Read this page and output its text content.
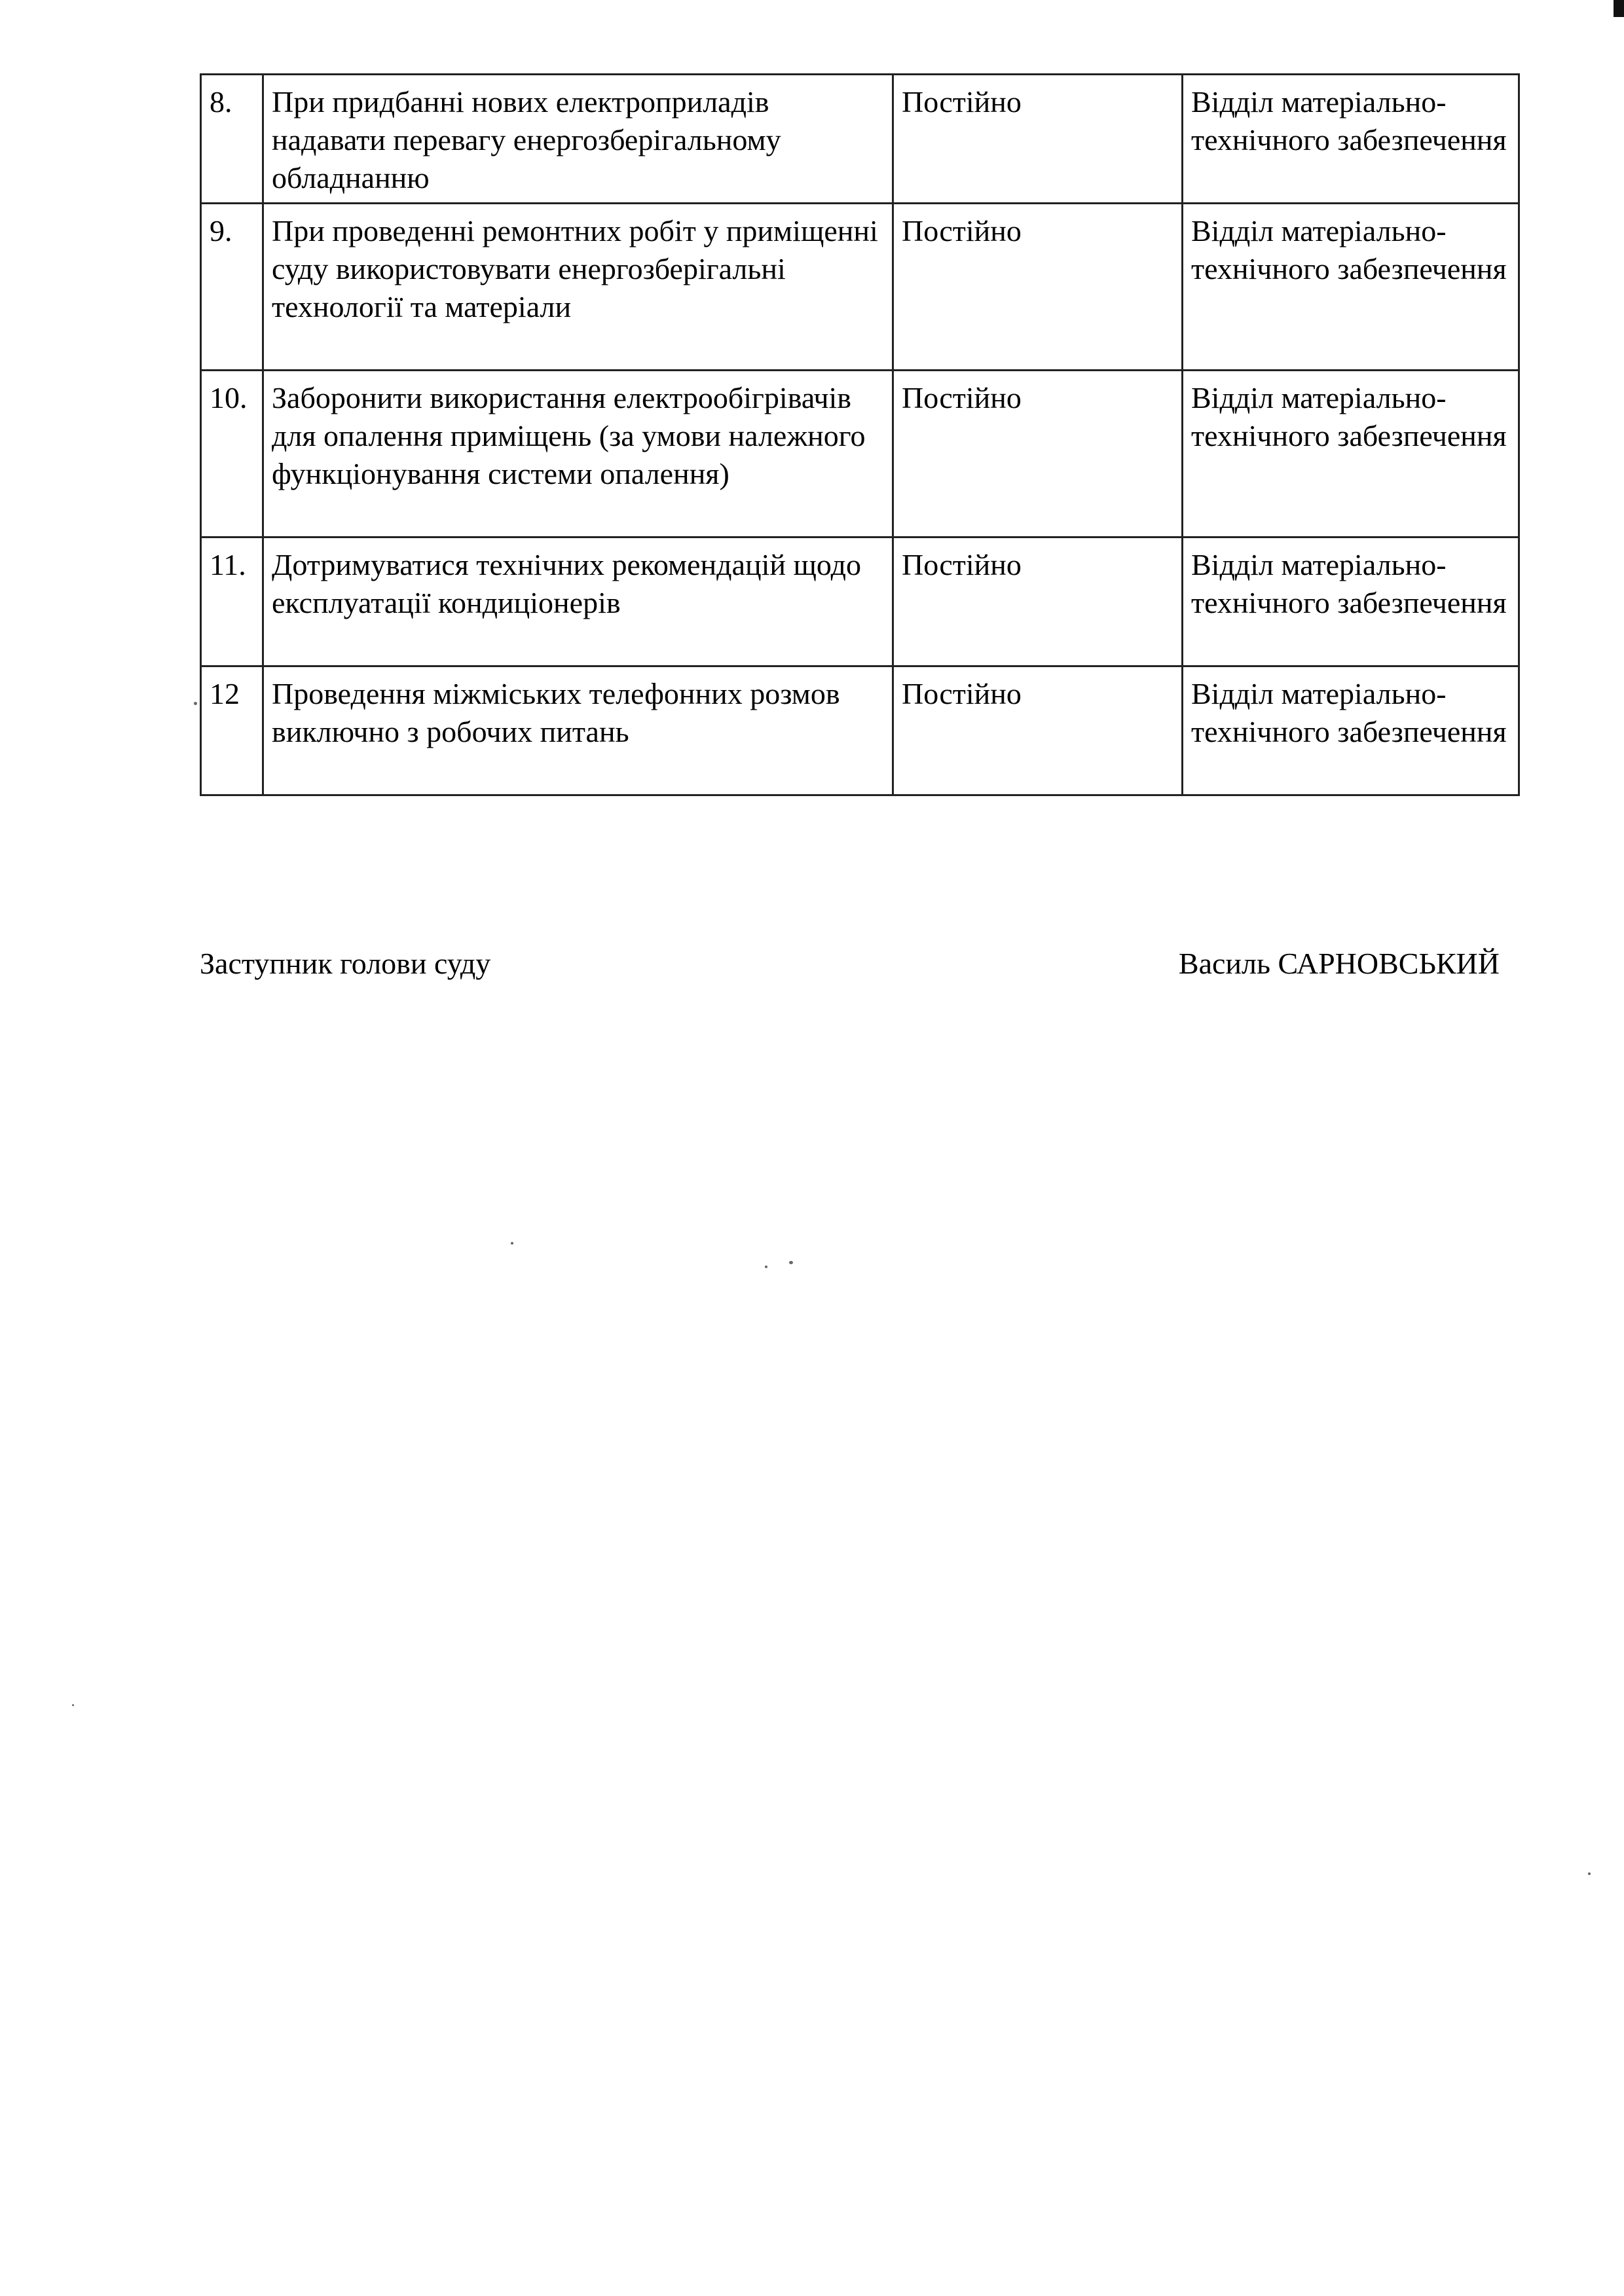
8.	При придбанні нових електроприладів надавати перевагу енергозберігальному обладнанню	Постійно	Відділ матеріально-технічного забезпечення
9.	При проведенні ремонтних робіт у приміщенні суду використовувати енергозберігальні технології та матеріали	Постійно	Відділ матеріально-технічного забезпечення
10.	Заборонити використання електрообігрівачів для опалення приміщень (за умови належного функціонування системи опалення)	Постійно	Відділ матеріально-технічного забезпечення
11.	Дотримуватися технічних рекомендацій щодо експлуатації кондиціонерів	Постійно	Відділ матеріально-технічного забезпечення
12	Проведення міжміських телефонних розмов виключно з робочих питань	Постійно	Відділ матеріально-технічного забезпечення
Заступник голови суду	Василь САРНОВСЬКИЙ
